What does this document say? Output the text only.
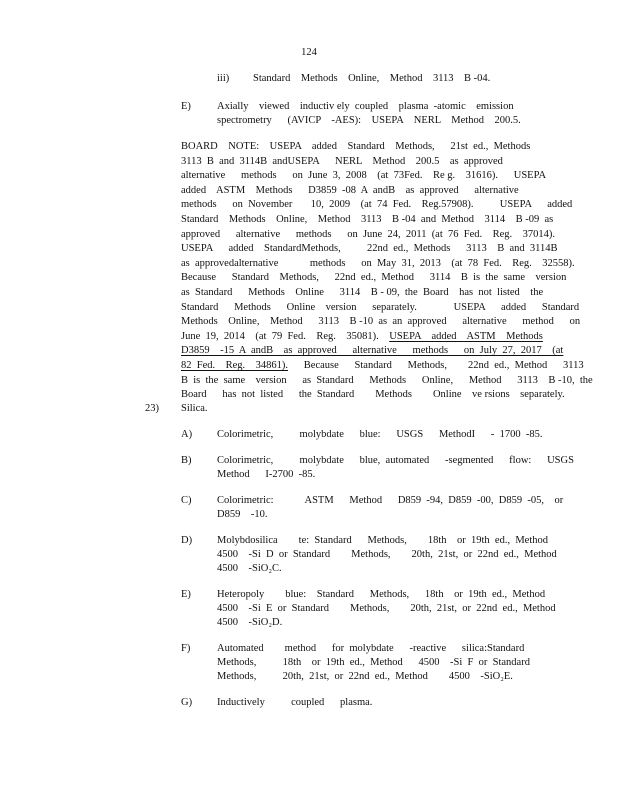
124
iii) Standard    Methods    Online,    Method    3113    B -04.
E) Axially    viewed    inductiv ely  coupled    plasma  -atomic    emission
spectrometry      (AVICP    -AES):    USEPA    NERL    Method    200.5.
BOARD    NOTE:    USEPA    added    Standard    Methods,      21st  ed.,  Methods
3113  B  and  3114B  andUSEPA      NERL    Method    200.5    as  approved
alternative      methods      on  June  3,  2008    (at  73Fed.    Re g.    31616).      USEPA
added    ASTM    Methods      D3859  -08  A  andB    as  approved      alternative
methods      on  November       10,  2009    (at  74  Fed.    Reg.57908).          USEPA      added
Standard    Methods    Online,    Method    3113    B -04  and  Method    3114    B -09  as
approved      alternative      methods      on  June  24,  2011  (at  76  Fed.    Reg.    37014).
USEPA      added    StandardMethods,          22nd  ed.,  Methods      3113    B  and  3114B
as  approvedalternative            methods      on  May  31,  2013    (at  78  Fed.    Reg.    32558).
Because      Standard    Methods,      22nd  ed.,  Method      3114    B  is  the  same    version
as  Standard      Methods    Online      3114    B - 09,  the  Board    has  not  listed    the
Standard      Methods      Online    version      separately.              USEPA      added      Standard
Methods    Online,    Method      3113    B -10  as  an  approved      alternative      method      on
June  19,  2014    (at  79  Fed.    Reg.    35081).    USEPA    added    ASTM    Methods
D3859    -15  A  andB    as  approved      alternative      methods      on  July  27,  2017    (at
82  Fed.    Reg.    34861).      Because      Standard      Methods,        22nd  ed.,  Method      3113
B  is  the  same    version      as  Standard      Methods      Online,      Method      3113    B -10,  the
Board      has  not  listed      the  Standard        Methods        Online    ve rsions    separately.
23) Silica.
A) Colorimetric,          molybdate      blue:      USGS      MethodI      -  1700  -85.
B) Colorimetric,          molybdate      blue,  automated      -segmented      flow:      USGS
Method      I-2700  -85.
C) Colorimetric:            ASTM      Method      D859  -94,  D859  -00,  D859  -05,    or
D859    -10.
D) Molybdosilica        te:  Standard      Methods,        18th    or  19th  ed.,  Method
4500    -Si  D  or  Standard        Methods,        20th,  21st,  or  22nd  ed.,  Method
4500    -SiO₂C.
E) Heteropoly        blue:    Standard      Methods,      18th    or  19th  ed.,  Method
4500    -Si  E  or  Standard        Methods,        20th,  21st,  or  22nd  ed.,  Method
4500    -SiO₂D.
F)	Automated        method      for  molybdate      -reactive      silica:Standard
Methods,          18th    or  19th  ed.,  Method      4500    -Si  F  or  Standard
Methods,          20th,  21st,  or  22nd  ed.,  Method        4500    -SiO₂E.
G) Inductively          coupled      plasma.
